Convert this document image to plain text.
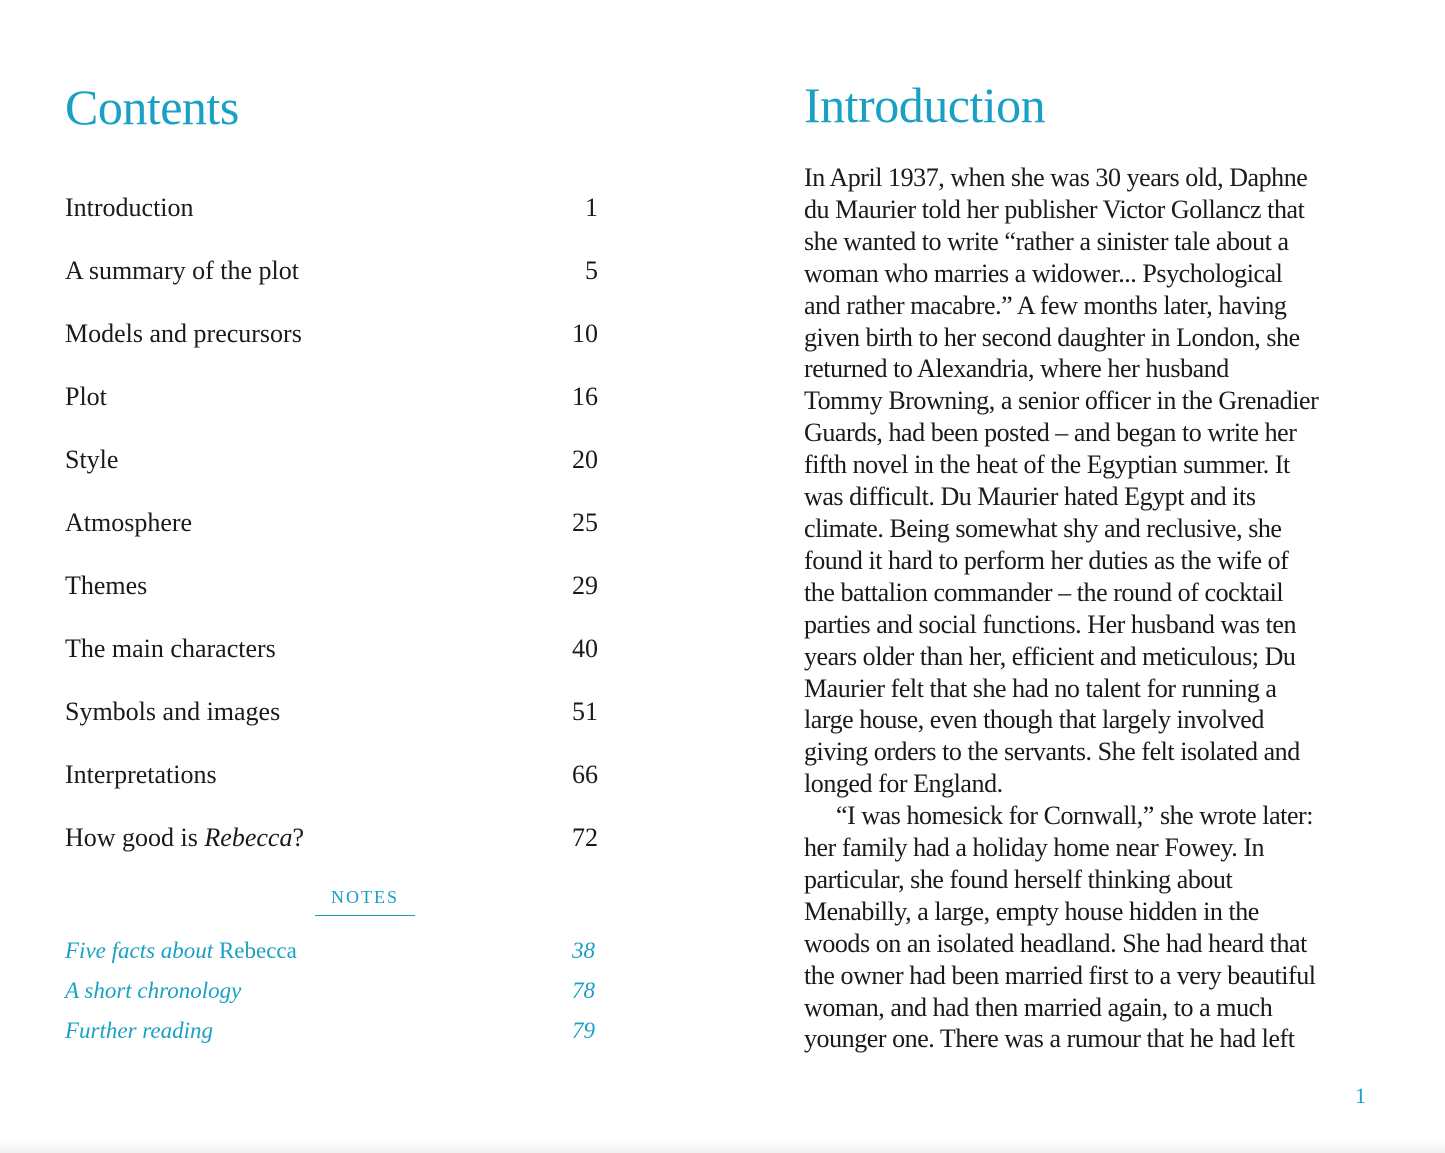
Contents
Introduction	1
A summary of the plot	5
Models and precursors	10
Plot	16
Style	20
Atmosphere	25
Themes	29
The main characters	40
Symbols and images	51
Interpretations	66
How good is Rebecca?	72
NOTES
Five facts about Rebecca	38
A short chronology	78
Further reading	79
Introduction
In April 1937, when she was 30 years old, Daphne
du Maurier told her publisher Victor Gollancz that
she wanted to write “rather a sinister tale about a
woman who marries a widower... Psychological
and rather macabre.” A few months later, having
given birth to her second daughter in London, she
returned to Alexandria, where her husband
Tommy Browning, a senior officer in the Grenadier
Guards, had been posted – and began to write her
fifth novel in the heat of the Egyptian summer. It
was difficult. Du Maurier hated Egypt and its
climate. Being somewhat shy and reclusive, she
found it hard to perform her duties as the wife of
the battalion commander – the round of cocktail
parties and social functions. Her husband was ten
years older than her, efficient and meticulous; Du
Maurier felt that she had no talent for running a
large house, even though that largely involved
giving orders to the servants. She felt isolated and
longed for England.
“I was homesick for Cornwall,” she wrote later:
her family had a holiday home near Fowey. In
particular, she found herself thinking about
Menabilly, a large, empty house hidden in the
woods on an isolated headland. She had heard that
the owner had been married first to a very beautiful
woman, and had then married again, to a much
younger one. There was a rumour that he had left
1
